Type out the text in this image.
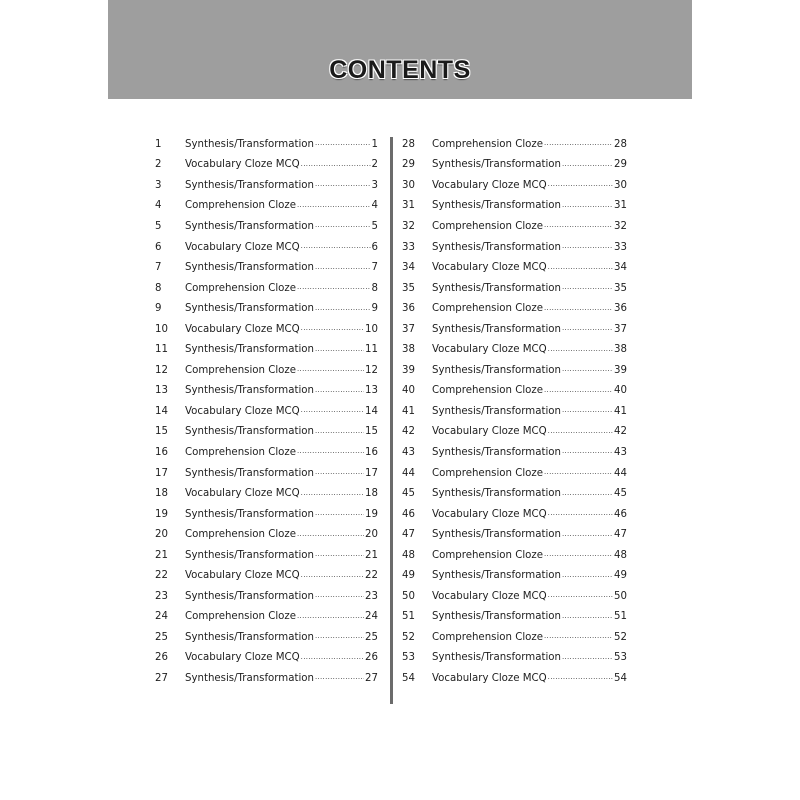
CONTENTS
1	Synthesis/Transformation .....	1
2	Vocabulary Cloze MCQ .....	2
3	Synthesis/Transformation .....	3
4	Comprehension Cloze .....	4
5	Synthesis/Transformation .....	5
6	Vocabulary Cloze MCQ .....	6
7	Synthesis/Transformation .....	7
8	Comprehension Cloze .....	8
9	Synthesis/Transformation .....	9
10	Vocabulary Cloze MCQ .....	10
11	Synthesis/Transformation .....	11
12	Comprehension Cloze .....	12
13	Synthesis/Transformation .....	13
14	Vocabulary Cloze MCQ .....	14
15	Synthesis/Transformation .....	15
16	Comprehension Cloze .....	16
17	Synthesis/Transformation .....	17
18	Vocabulary Cloze MCQ .....	18
19	Synthesis/Transformation .....	19
20	Comprehension Cloze .....	20
21	Synthesis/Transformation .....	21
22	Vocabulary Cloze MCQ .....	22
23	Synthesis/Transformation .....	23
24	Comprehension Cloze .....	24
25	Synthesis/Transformation .....	25
26	Vocabulary Cloze MCQ .....	26
27	Synthesis/Transformation .....	27
28	Comprehension Cloze .....	28
29	Synthesis/Transformation .....	29
30	Vocabulary Cloze MCQ .....	30
31	Synthesis/Transformation .....	31
32	Comprehension Cloze .....	32
33	Synthesis/Transformation .....	33
34	Vocabulary Cloze MCQ .....	34
35	Synthesis/Transformation .....	35
36	Comprehension Cloze .....	36
37	Synthesis/Transformation .....	37
38	Vocabulary Cloze MCQ .....	38
39	Synthesis/Transformation .....	39
40	Comprehension Cloze .....	40
41	Synthesis/Transformation .....	41
42	Vocabulary Cloze MCQ .....	42
43	Synthesis/Transformation .....	43
44	Comprehension Cloze .....	44
45	Synthesis/Transformation .....	45
46	Vocabulary Cloze MCQ .....	46
47	Synthesis/Transformation .....	47
48	Comprehension Cloze .....	48
49	Synthesis/Transformation .....	49
50	Vocabulary Cloze MCQ .....	50
51	Synthesis/Transformation .....	51
52	Comprehension Cloze .....	52
53	Synthesis/Transformation .....	53
54	Vocabulary Cloze MCQ .....	54
